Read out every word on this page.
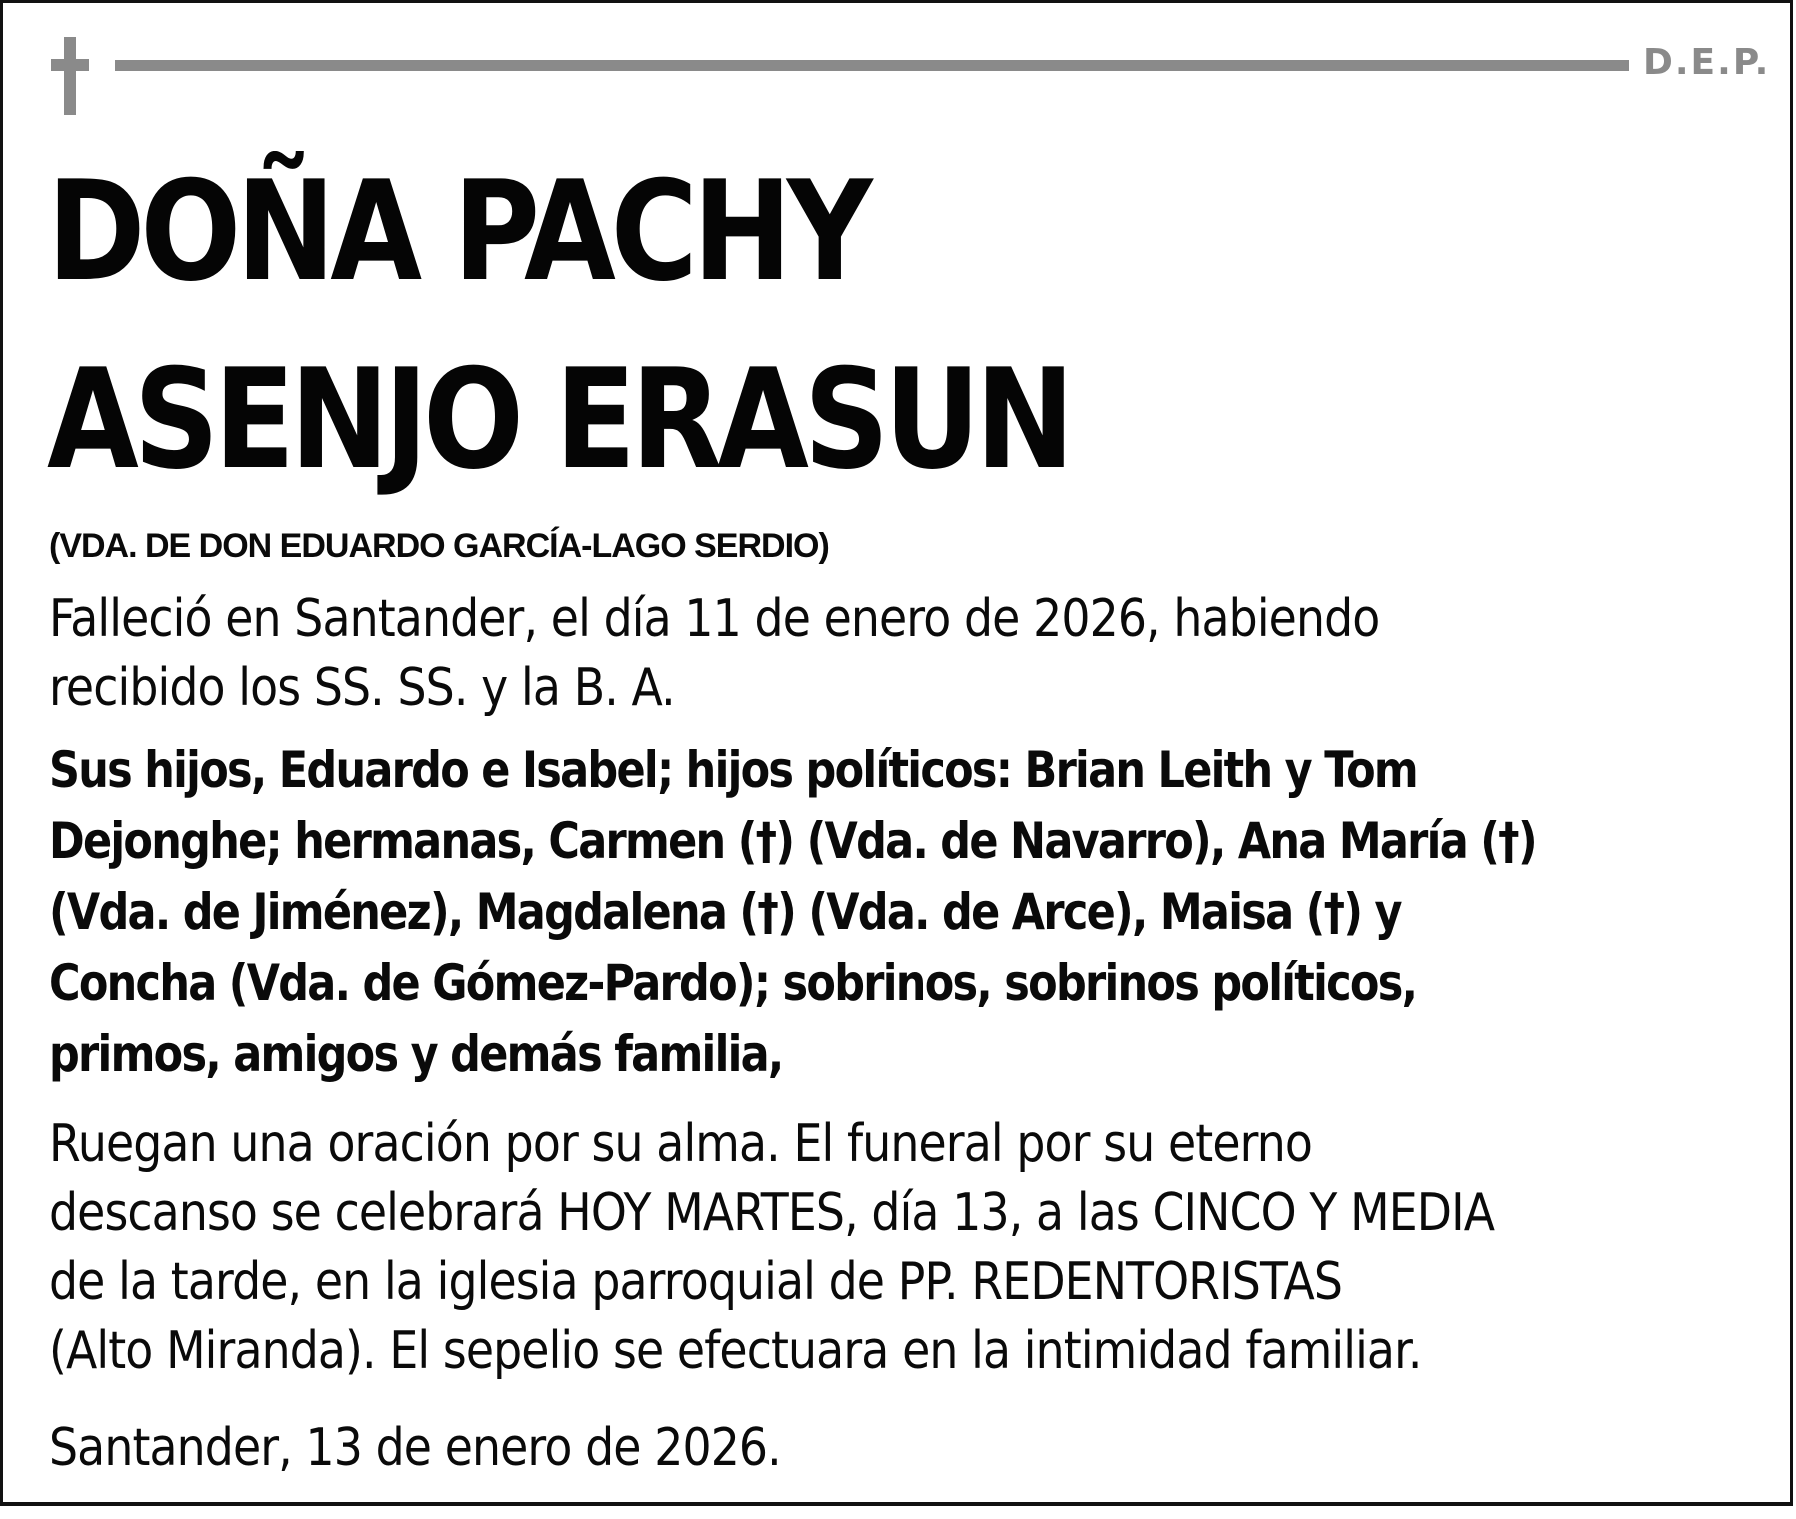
D.E.P.
DOÑA PACHY
ASENJO ERASUN
(VDA. DE DON EDUARDO GARCÍA-LAGO SERDIO)
Falleció en Santander, el día 11 de enero de 2026, habiendo
recibido los SS. SS. y la B. A.
Sus hijos, Eduardo e Isabel; hijos políticos: Brian Leith y Tom
Dejonghe; hermanas, Carmen (†) (Vda. de Navarro), Ana María (†)
(Vda. de Jiménez), Magdalena (†) (Vda. de Arce), Maisa (†) y
Concha (Vda. de Gómez-Pardo); sobrinos, sobrinos políticos,
primos, amigos y demás familia,
Ruegan una oración por su alma. El funeral por su eterno
descanso se celebrará HOY MARTES, día 13, a las CINCO Y MEDIA
de la tarde, en la iglesia parroquial de PP. REDENTORISTAS
(Alto Miranda). El sepelio se efectuara en la intimidad familiar.
Santander, 13 de enero de 2026.
